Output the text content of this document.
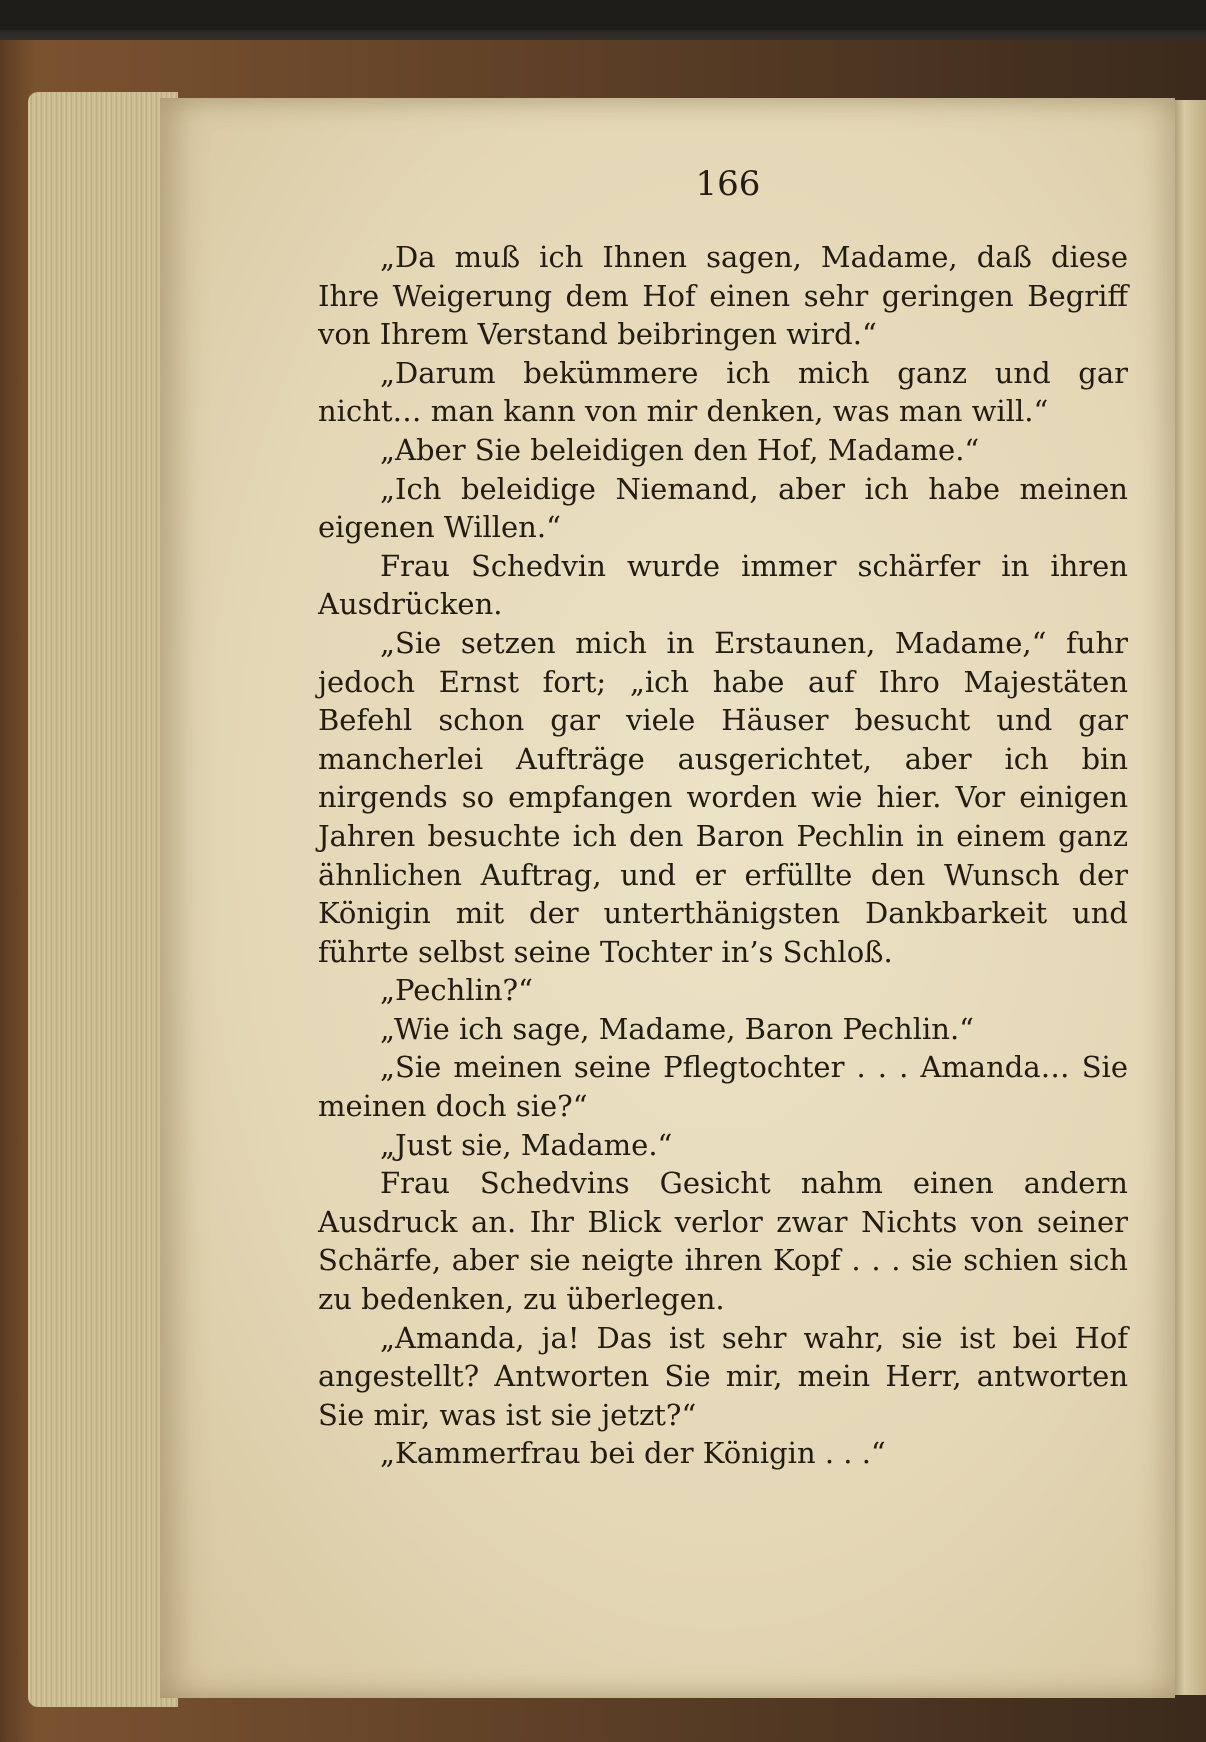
166

„Da muß ich Ihnen sagen, Madame, daß diese Ihre Weigerung dem Hof einen sehr geringen Begriff von Ihrem Verstand beibringen wird.“

„Darum bekümmere ich mich ganz und gar nicht… man kann von mir denken, was man will.“

„Aber Sie beleidigen den Hof, Madame.“

„Ich beleidige Niemand, aber ich habe meinen eigenen Willen.“

Frau Schedvin wurde immer schärfer in ihren Ausdrücken.

„Sie setzen mich in Erstaunen, Madame,“ fuhr jedoch Ernst fort; „ich habe auf Ihro Majestäten Befehl schon gar viele Häuser besucht und gar mancherlei Aufträge ausgerichtet, aber ich bin nirgends so empfangen worden wie hier. Vor einigen Jahren besuchte ich den Baron Pechlin in einem ganz ähnlichen Auftrag, und er erfüllte den Wunsch der Königin mit der unterthänigsten Dankbarkeit und führte selbst seine Tochter in’s Schloß.

„Pechlin?“

„Wie ich sage, Madame, Baron Pechlin.“

„Sie meinen seine Pflegtochter . . . Amanda… Sie meinen doch sie?“

„Just sie, Madame.“

Frau Schedvins Gesicht nahm einen andern Ausdruck an. Ihr Blick verlor zwar Nichts von seiner Schärfe, aber sie neigte ihren Kopf . . . sie schien sich zu bedenken, zu überlegen.

„Amanda, ja! Das ist sehr wahr, sie ist bei Hof angestellt? Antworten Sie mir, mein Herr, antworten Sie mir, was ist sie jetzt?“

„Kammerfrau bei der Königin . . .“
